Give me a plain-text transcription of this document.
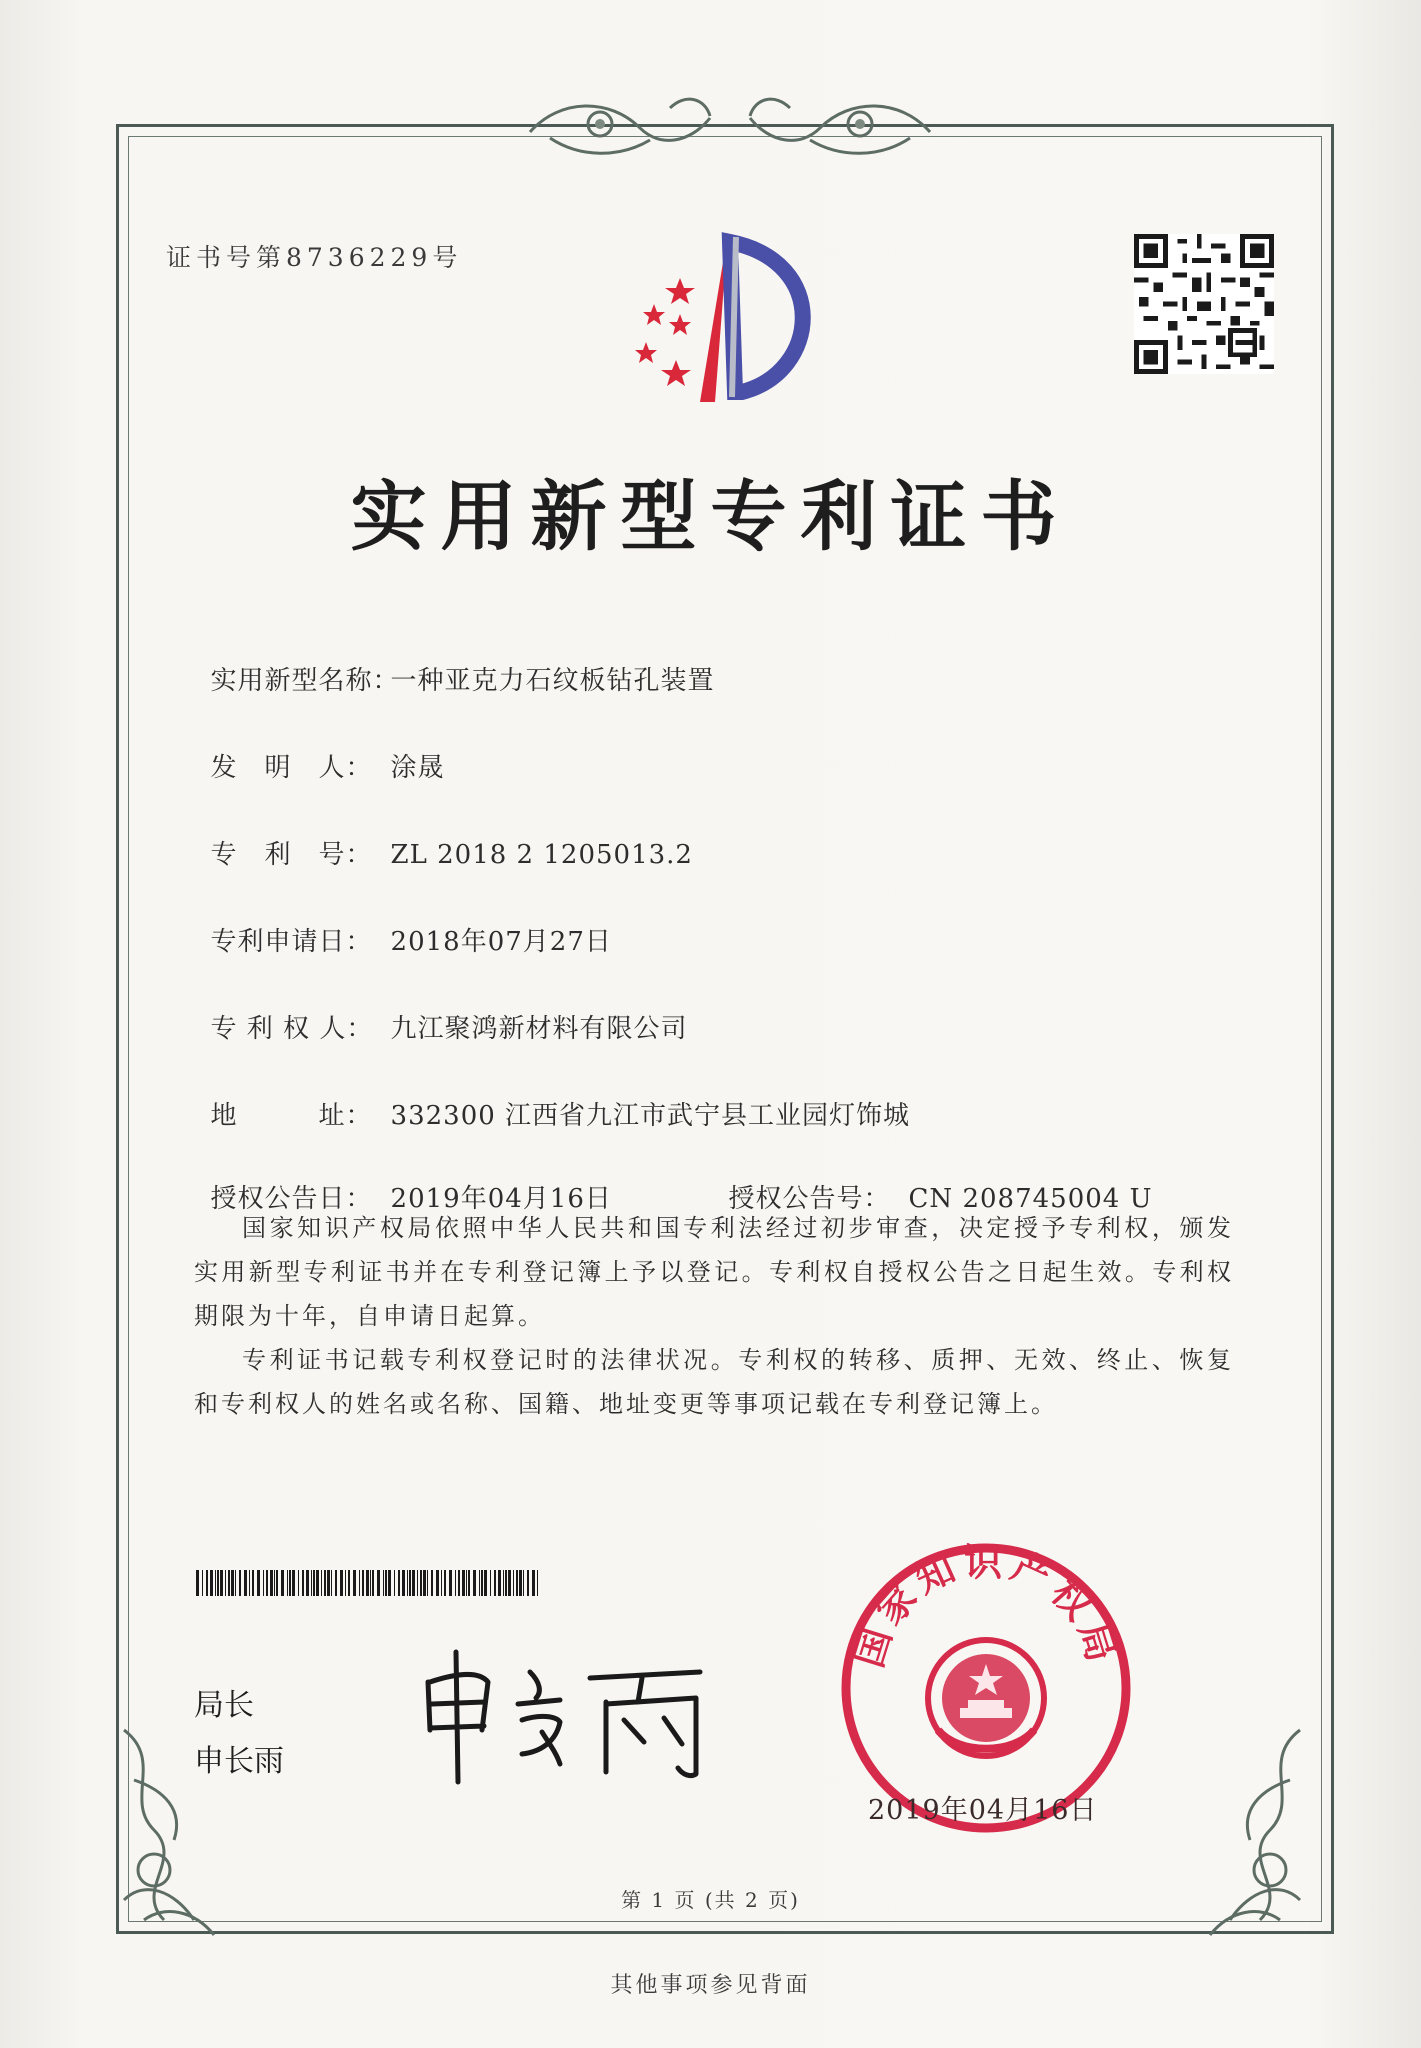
证书号第8736229号
实用新型专利证书

实用新型名称：一种亚克力石纹板钻孔装置

发　明　人： 涂晟

专　利　号： ZL 2018 2 1205013.2

专利申请日： 2018年07月27日

专 利 权 人： 九江聚鸿新材料有限公司

地　　　址： 332300 江西省九江市武宁县工业园灯饰城

授权公告日： 2019年04月16日	授权公告号： CN 208745004 U

国家知识产权局依照中华人民共和国专利法经过初步审查，决定授予专利权，颁发实用新型专利证书并在专利登记簿上予以登记。专利权自授权公告之日起生效。专利权期限为十年，自申请日起算。

专利证书记载专利权登记时的法律状况。专利权的转移、质押、无效、终止、恢复和专利权人的姓名或名称、国籍、地址变更等事项记载在专利登记簿上。

局长
申长雨
国家知识产权局
2019年04月16日
第 1 页 (共 2 页)
其他事项参见背面
